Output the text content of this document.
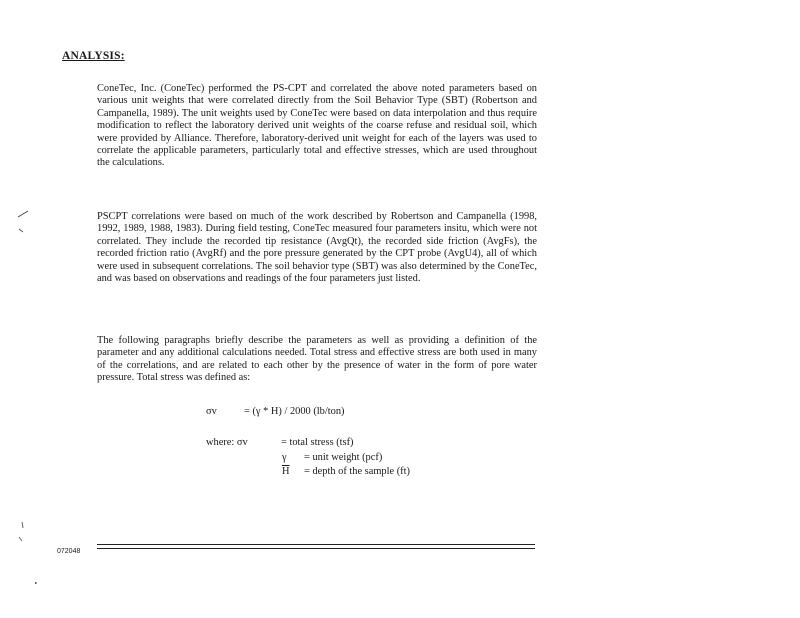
ANALYSIS:

ConeTec, Inc. (ConeTec) performed the PS-CPT and correlated the above noted parameters based on various unit weights that were correlated directly from the Soil Behavior Type (SBT) (Robertson and Campanella, 1989). The unit weights used by ConeTec were based on data interpolation and thus require modification to reflect the laboratory derived unit weights of the coarse refuse and residual soil, which were provided by Alliance. Therefore, laboratory-derived unit weight for each of the layers was used to correlate the applicable parameters, particularly total and effective stresses, which are used throughout the calculations.

PSCPT correlations were based on much of the work described by Robertson and Campanella (1998, 1992, 1989, 1988, 1983). During field testing, ConeTec measured four parameters insitu, which were not correlated. They include the recorded tip resistance (AvgQt), the recorded side friction (AvgFs), the recorded friction ratio (AvgRf) and the pore pressure generated by the CPT probe (AvgU4), all of which were used in subsequent correlations. The soil behavior type (SBT) was also determined by the ConeTec, and was based on observations and readings of the four parameters just listed.

The following paragraphs briefly describe the parameters as well as providing a definition of the parameter and any additional calculations needed. Total stress and effective stress are both used in many of the correlations, and are related to each other by the presence of water in the form of pore water pressure. Total stress was defined as:

σv	= (γ * H) / 2000 (lb/ton)
where: σv	= total stress (tsf)
γ = unit weight (pcf)
$\overline{H}$ = depth of the sample (ft)
072048
